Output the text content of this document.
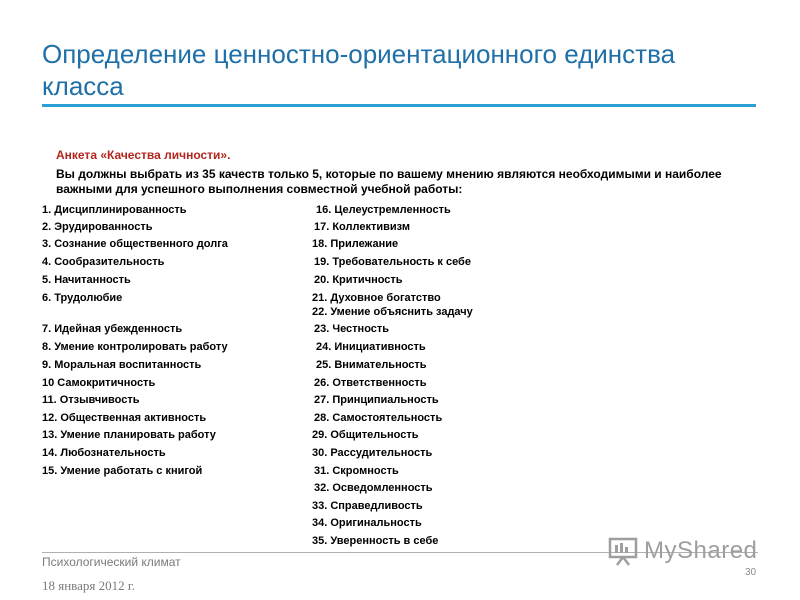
Определение ценностно-ориентационного единства класса
Анкета «Качества личности».
Вы должны выбрать из 35 качеств только 5, которые по вашему мнению являются необходимыми и наиболее важными для успешного выполнения совместной учебной работы:
1. Дисциплинированность
2. Эрудированность
3. Сознание общественного долга
4. Сообразительность
5. Начитанность
6. Трудолюбие
7. Идейная убежденность
8. Умение контролировать работу
9. Моральная воспитанность
10 Самокритичность
11. Отзывчивость
12. Общественная активность
13. Умение планировать работу
14. Любознательность
15. Умение работать с книгой
16. Целеустремленность
17. Коллективизм
18. Прилежание
19. Требовательность к себе
20. Критичность
21. Духовное богатство
22. Умение объяснить задачу
23. Честность
24. Инициативность
25. Внимательность
26. Ответственность
27. Принципиальность
28. Самостоятельность
29. Общительность
30. Рассудительность
31. Скромность
32. Осведомленность
33. Справедливость
34. Оригинальность
35. Уверенность в себе
Психологический климат
18 января 2012 г.
30
MyShared
